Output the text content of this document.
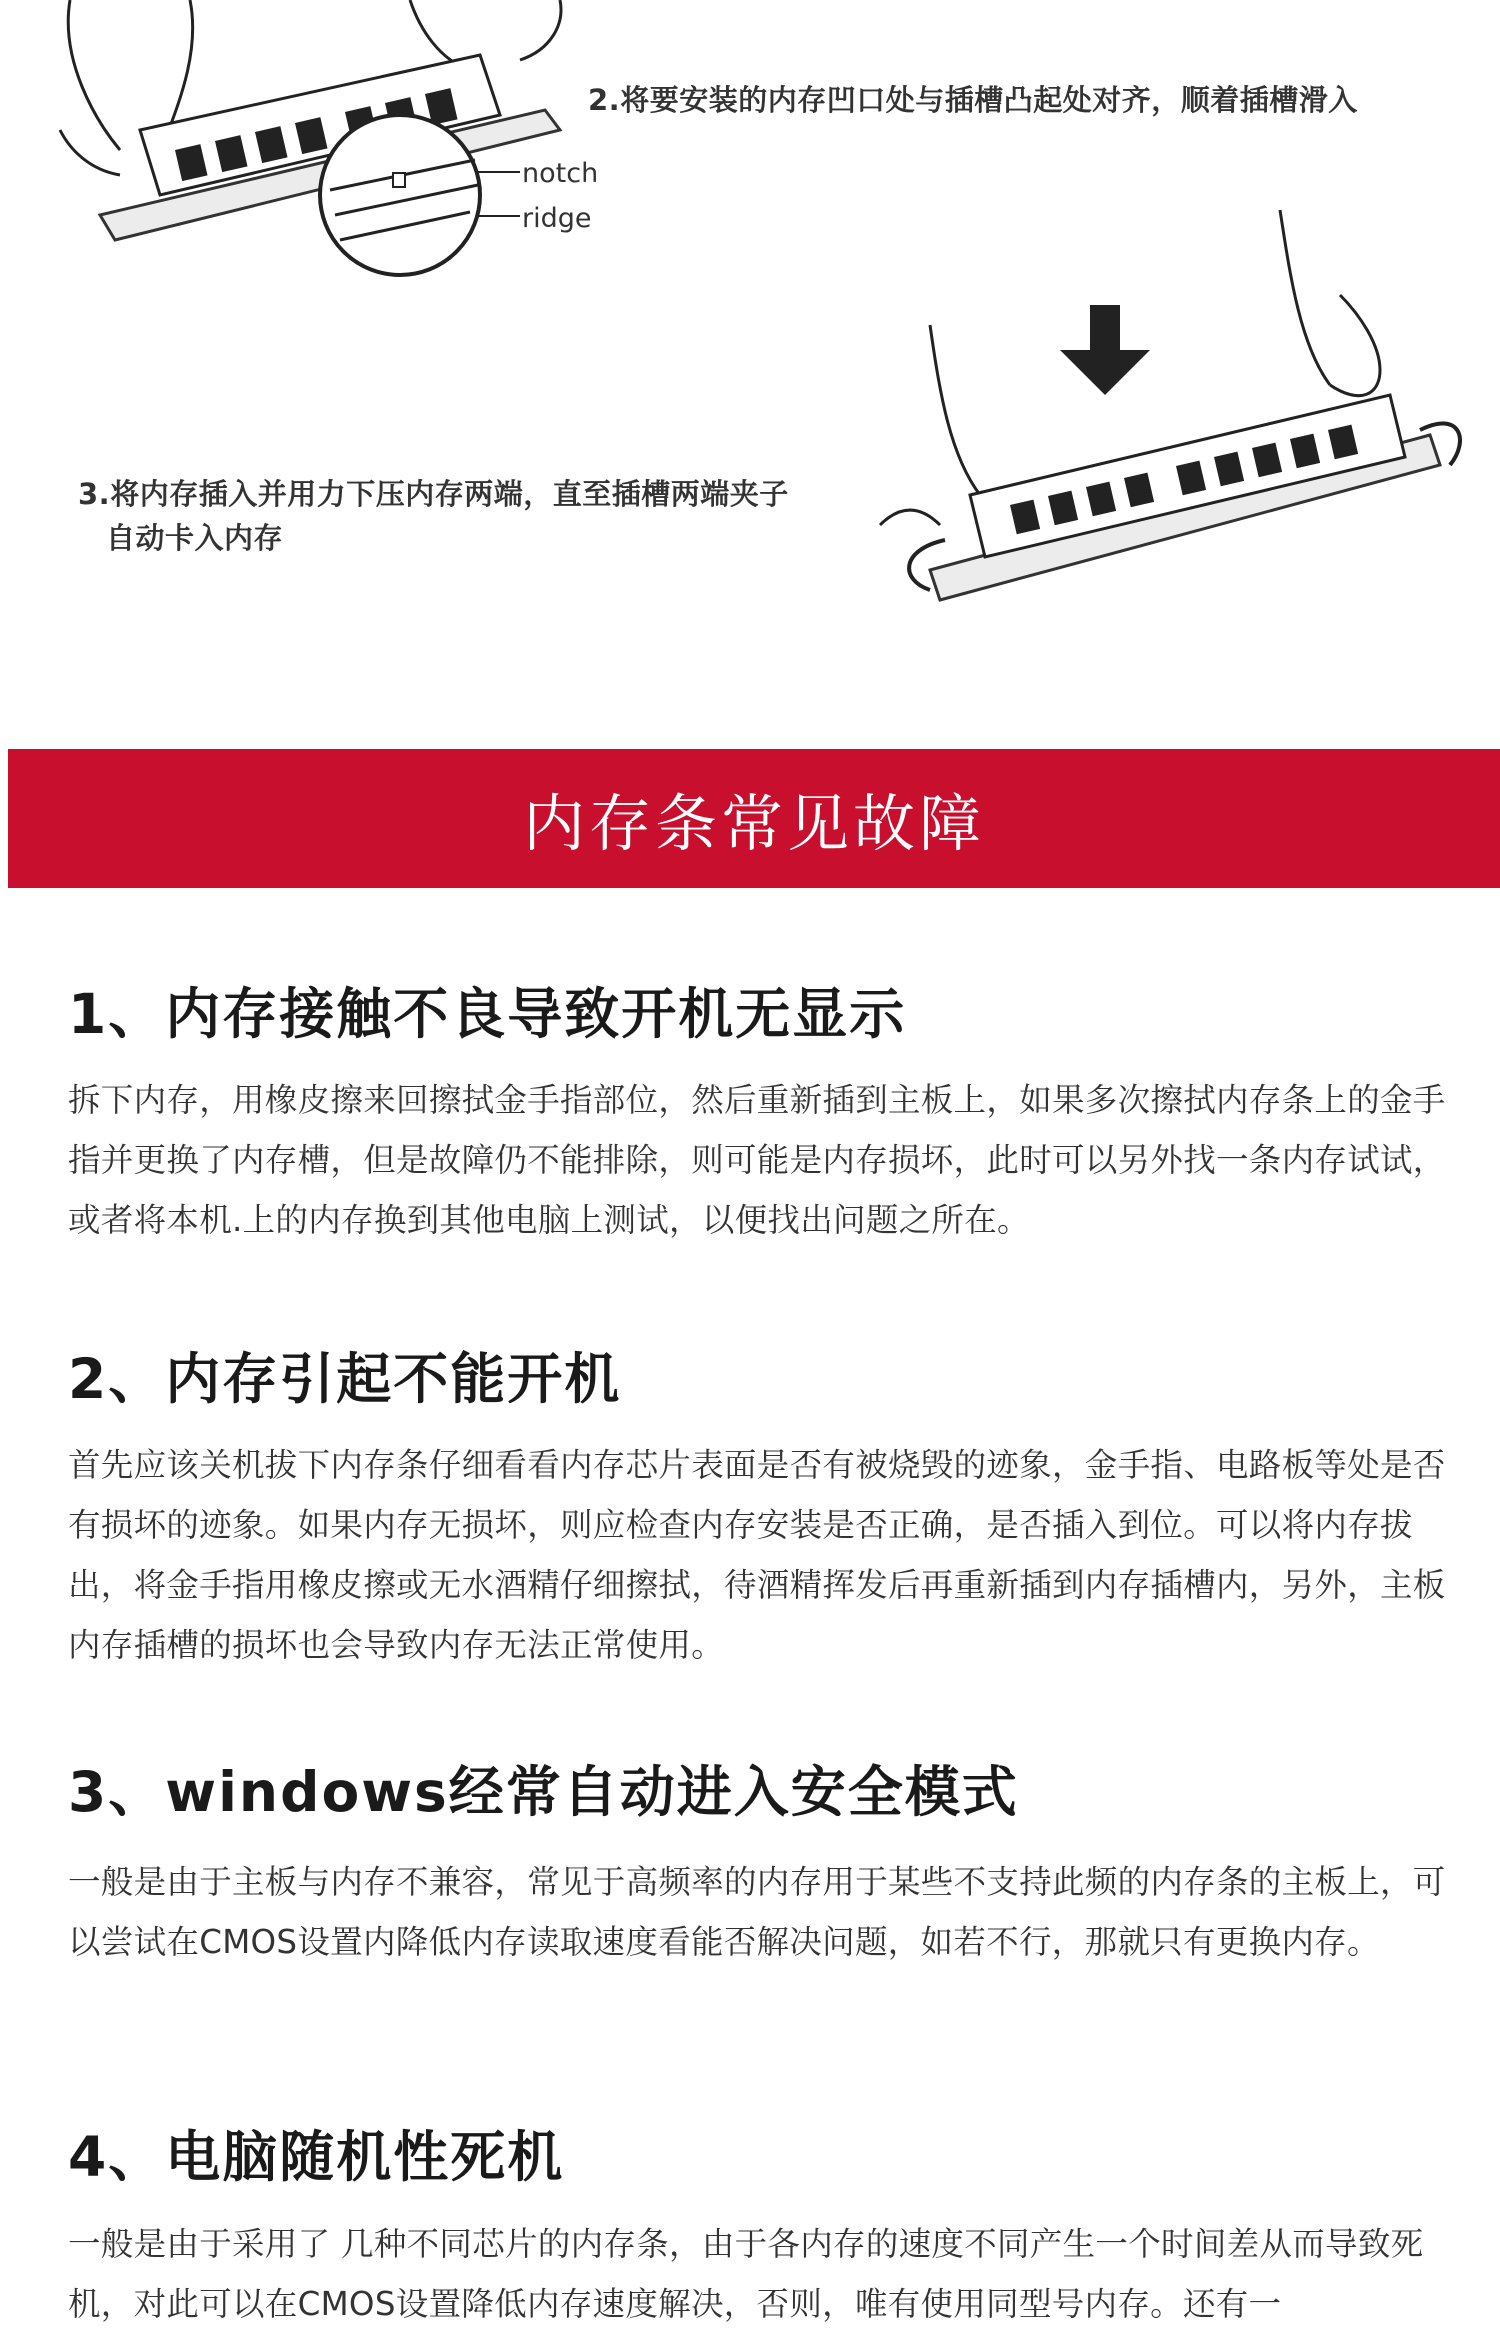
notch
ridge
2.将要安装的内存凹口处与插槽凸起处对齐，顺着插槽滑入
3.将内存插入并用力下压内存两端，直至插槽两端夹子
自动卡入内存
内存条常见故障
1、内存接触不良导致开机无显示

拆下内存，用橡皮擦来回擦拭金手指部位，然后重新插到主板上，如果多次擦拭内存条上的金手指并更换了内存槽，但是故障仍不能排除，则可能是内存损坏，此时可以另外找一条内存试试，或者将本机.上的内存换到其他电脑上测试，以便找出问题之所在。

2、内存引起不能开机

首先应该关机拔下内存条仔细看看内存芯片表面是否有被烧毁的迹象，金手指、电路板等处是否有损坏的迹象。如果内存无损坏，则应检查内存安装是否正确，是否插入到位。可以将内存拔出，将金手指用橡皮擦或无水酒精仔细擦拭，待酒精挥发后再重新插到内存插槽内，另外，主板内存插槽的损坏也会导致内存无法正常使用。

3、windows经常自动进入安全模式

一般是由于主板与内存不兼容，常见于高频率的内存用于某些不支持此频的内存条的主板上，可以尝试在CMOS设置内降低内存读取速度看能否解决问题，如若不行，那就只有更换内存。

4、电脑随机性死机

一般是由于采用了 几种不同芯片的内存条，由于各内存的速度不同产生一个时间差从而导致死机，对此可以在CMOS设置降低内存速度解决，否则，唯有使用同型号内存。还有一
